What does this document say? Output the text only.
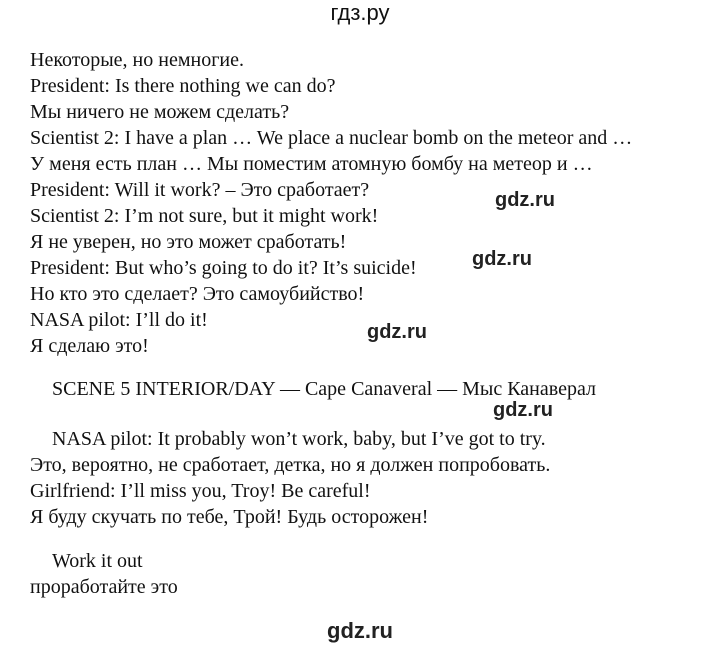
гдз.ру
Некоторые, но немногие.
President: Is there nothing we can do?
Мы ничего не можем сделать?
Scientist 2: I have a plan … We place a nuclear bomb on the meteor and …
У меня есть план … Мы поместим атомную бомбу на метеор и …
President: Will it work? – Это сработает?
Scientist 2: I’m not sure, but it might work!
Я не уверен, но это может сработать!
President: But who’s going to do it? It’s suicide!
Но кто это сделает? Это самоубийство!
NASA pilot: I’ll do it!
Я сделаю это!
SCENE 5 INTERIOR/DAY — Cape Canaveral — Мыс Канаверал
NASA pilot: It probably won’t work, baby, but I’ve got to try.
Это, вероятно, не сработает, детка, но я должен попробовать.
Girlfriend: I’ll miss you, Troy! Be careful!
Я буду скучать по тебе, Трой! Будь осторожен!
Work it out
проработайте это
gdz.ru
gdz.ru
gdz.ru
gdz.ru
gdz.ru
